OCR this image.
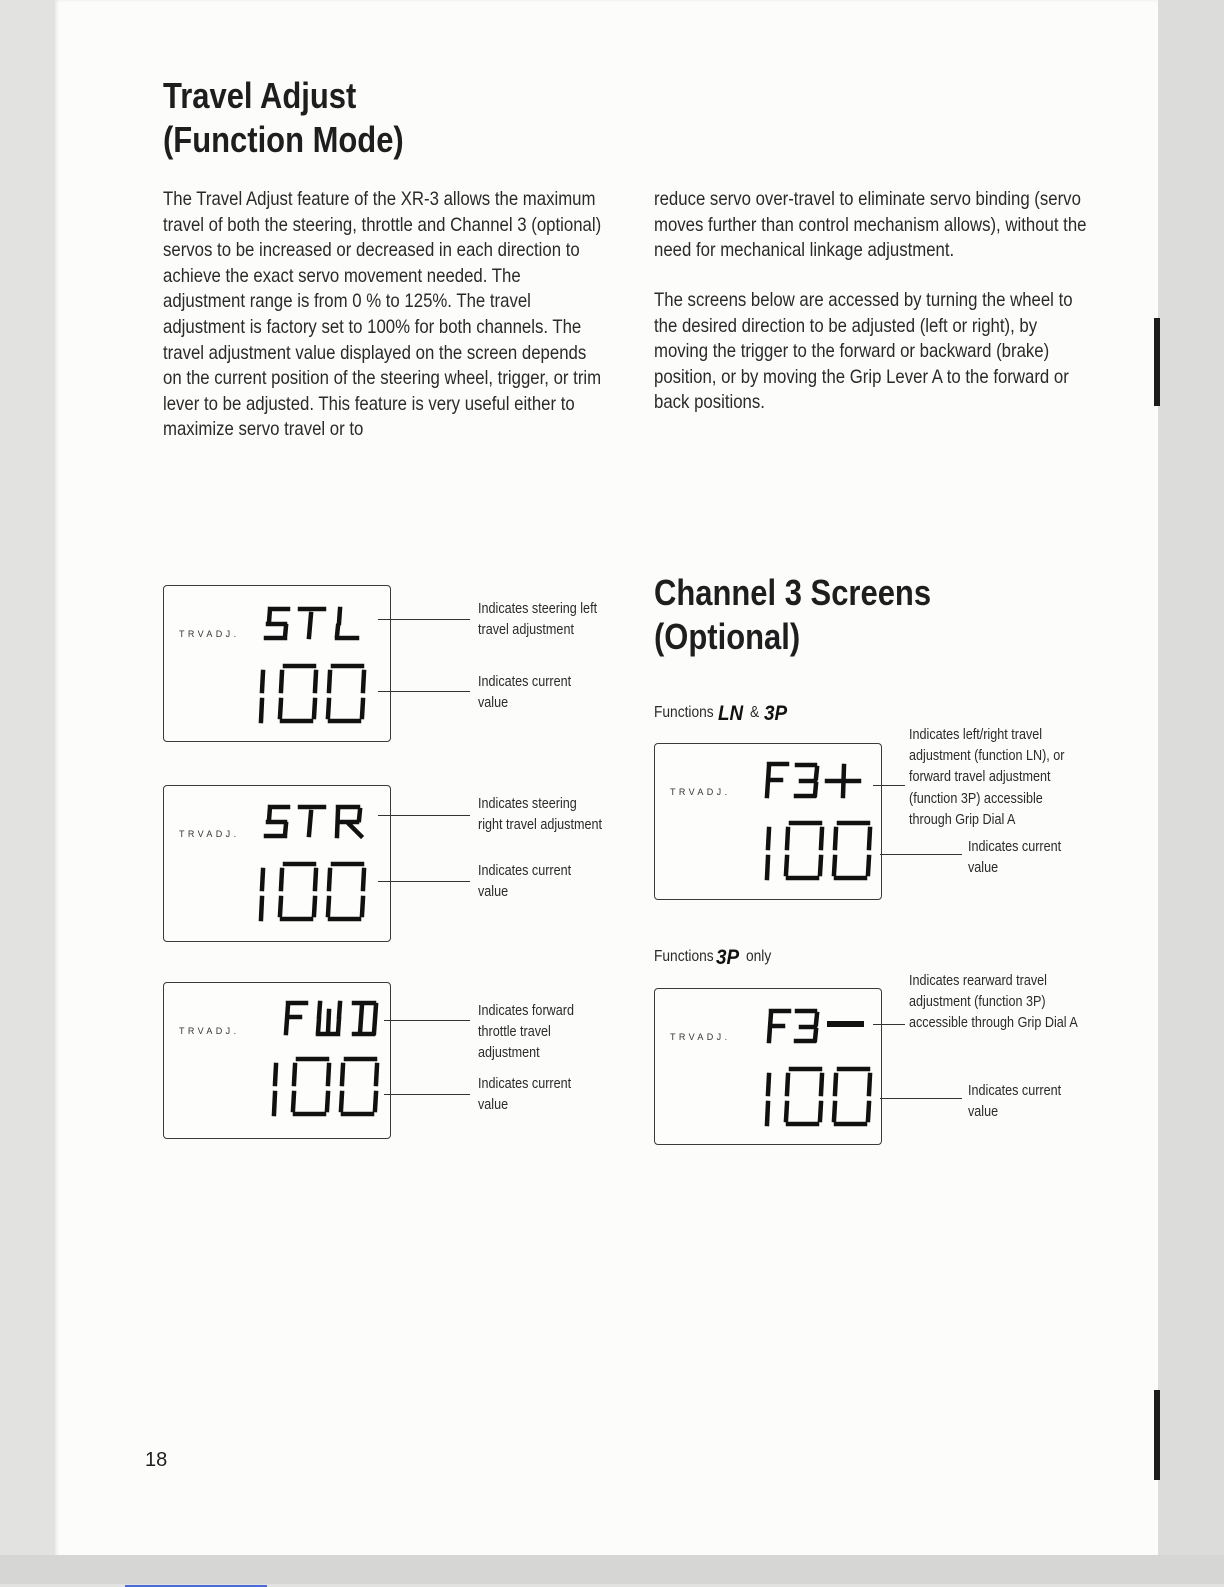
Travel Adjust
(Function Mode)

The Travel Adjust feature of the XR-3 allows the maximum travel of both the steering, throttle and Channel 3 (optional) servos to be increased or decreased in each direction to achieve the exact servo movement needed. The adjustment range is from 0 % to 125%. The travel adjustment is factory set to 100% for both channels. The travel adjustment value displayed on the screen depends on the current position of the steering wheel, trigger, or trim lever to be adjusted. This feature is very useful either to maximize servo travel or to

reduce servo over-travel to eliminate servo binding (servo moves further than control mechanism allows), without the need for mechanical linkage adjustment.

The screens below are accessed by turning the wheel to the desired direction to be adjusted (left or right), by moving the trigger to the forward or backward (brake) position, or by moving the Grip Lever A to the forward or back positions.

TRVADJ.

Indicates steering left
travel adjustment

Indicates current
value

TRVADJ.

Indicates steering
right travel adjustment

Indicates current
value

TRVADJ.

Indicates forward
throttle travel
adjustment

Indicates current
value

Channel 3 Screens
(Optional)
Functions LN & 3P
TRVADJ.

Indicates left/right travel
adjustment (function LN), or
forward travel adjustment
(function 3P) accessible
through Grip Dial A

Indicates current
value

Functions 3P only
TRVADJ.

Indicates rearward travel
adjustment (function 3P)
accessible through Grip Dial A

Indicates current
value

18
